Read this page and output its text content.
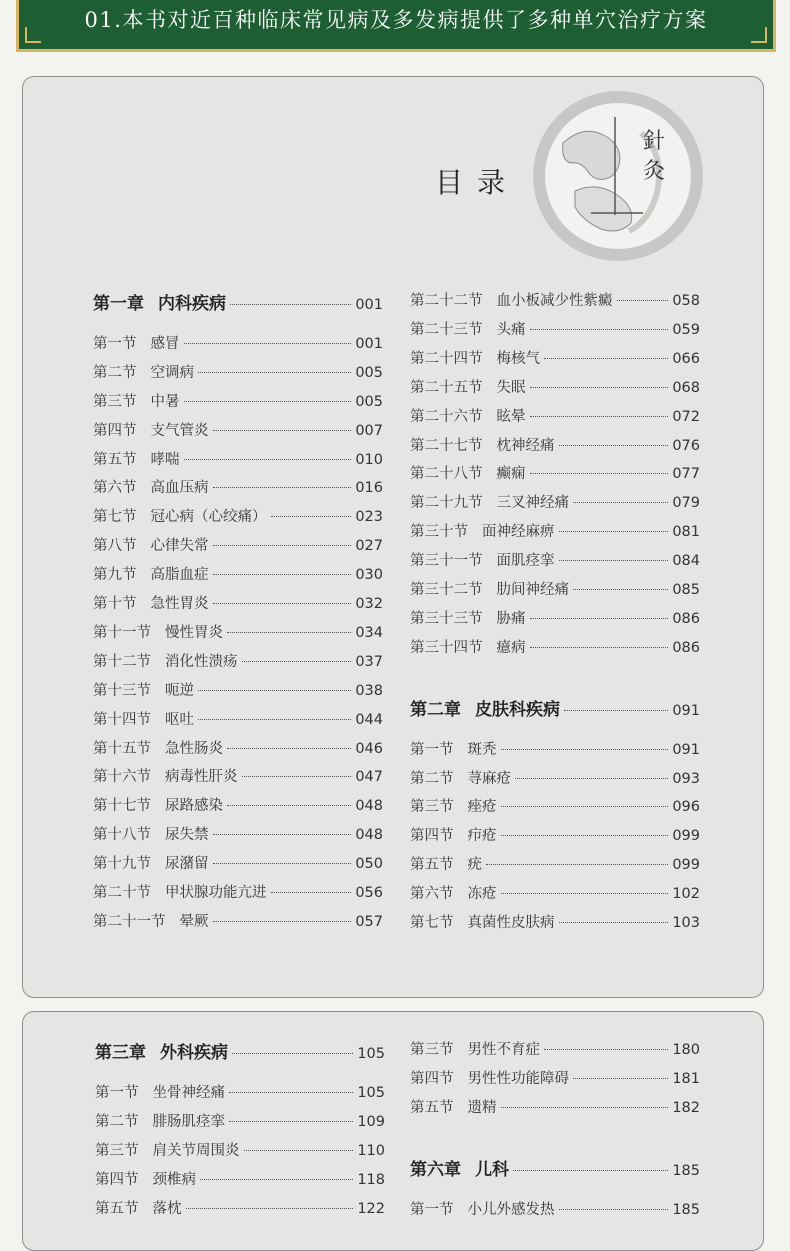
01.本书对近百种临床常见病及多发病提供了多种单穴治疗方案
目录
針灸
第一章 内科疾病	001
第一节 感冒	001
第二节 空调病	005
第三节 中暑	005
第四节 支气管炎	007
第五节 哮喘	010
第六节 高血压病	016
第七节 冠心病（心绞痛）	023
第八节 心律失常	027
第九节 高脂血症	030
第十节 急性胃炎	032
第十一节 慢性胃炎	034
第十二节 消化性溃疡	037
第十三节 呃逆	038
第十四节 呕吐	044
第十五节 急性肠炎	046
第十六节 病毒性肝炎	047
第十七节 尿路感染	048
第十八节 尿失禁	048
第十九节 尿潴留	050
第二十节 甲状腺功能亢进	056
第二十一节 晕厥	057
第二十二节 血小板减少性紫癜	058
第二十三节 头痛	059
第二十四节 梅核气	066
第二十五节 失眠	068
第二十六节 眩晕	072
第二十七节 枕神经痛	076
第二十八节 癫痫	077
第二十九节 三叉神经痛	079
第三十节 面神经麻痹	081
第三十一节 面肌痉挛	084
第三十二节 肋间神经痛	085
第三十三节 胁痛	086
第三十四节 癔病	086
第二章 皮肤科疾病	091
第一节 斑秃	091
第二节 荨麻疮	093
第三节 痤疮	096
第四节 疖疮	099
第五节 疣	099
第六节 冻疮	102
第七节 真菌性皮肤病	103
第三章 外科疾病	105
第一节 坐骨神经痛	105
第二节 腓肠肌痉挛	109
第三节 肩关节周围炎	110
第四节 颈椎病	118
第五节 落枕	122
第三节 男性不育症	180
第四节 男性性功能障碍	181
第五节 遗精	182
第六章 儿科	185
第一节 小儿外感发热	185
